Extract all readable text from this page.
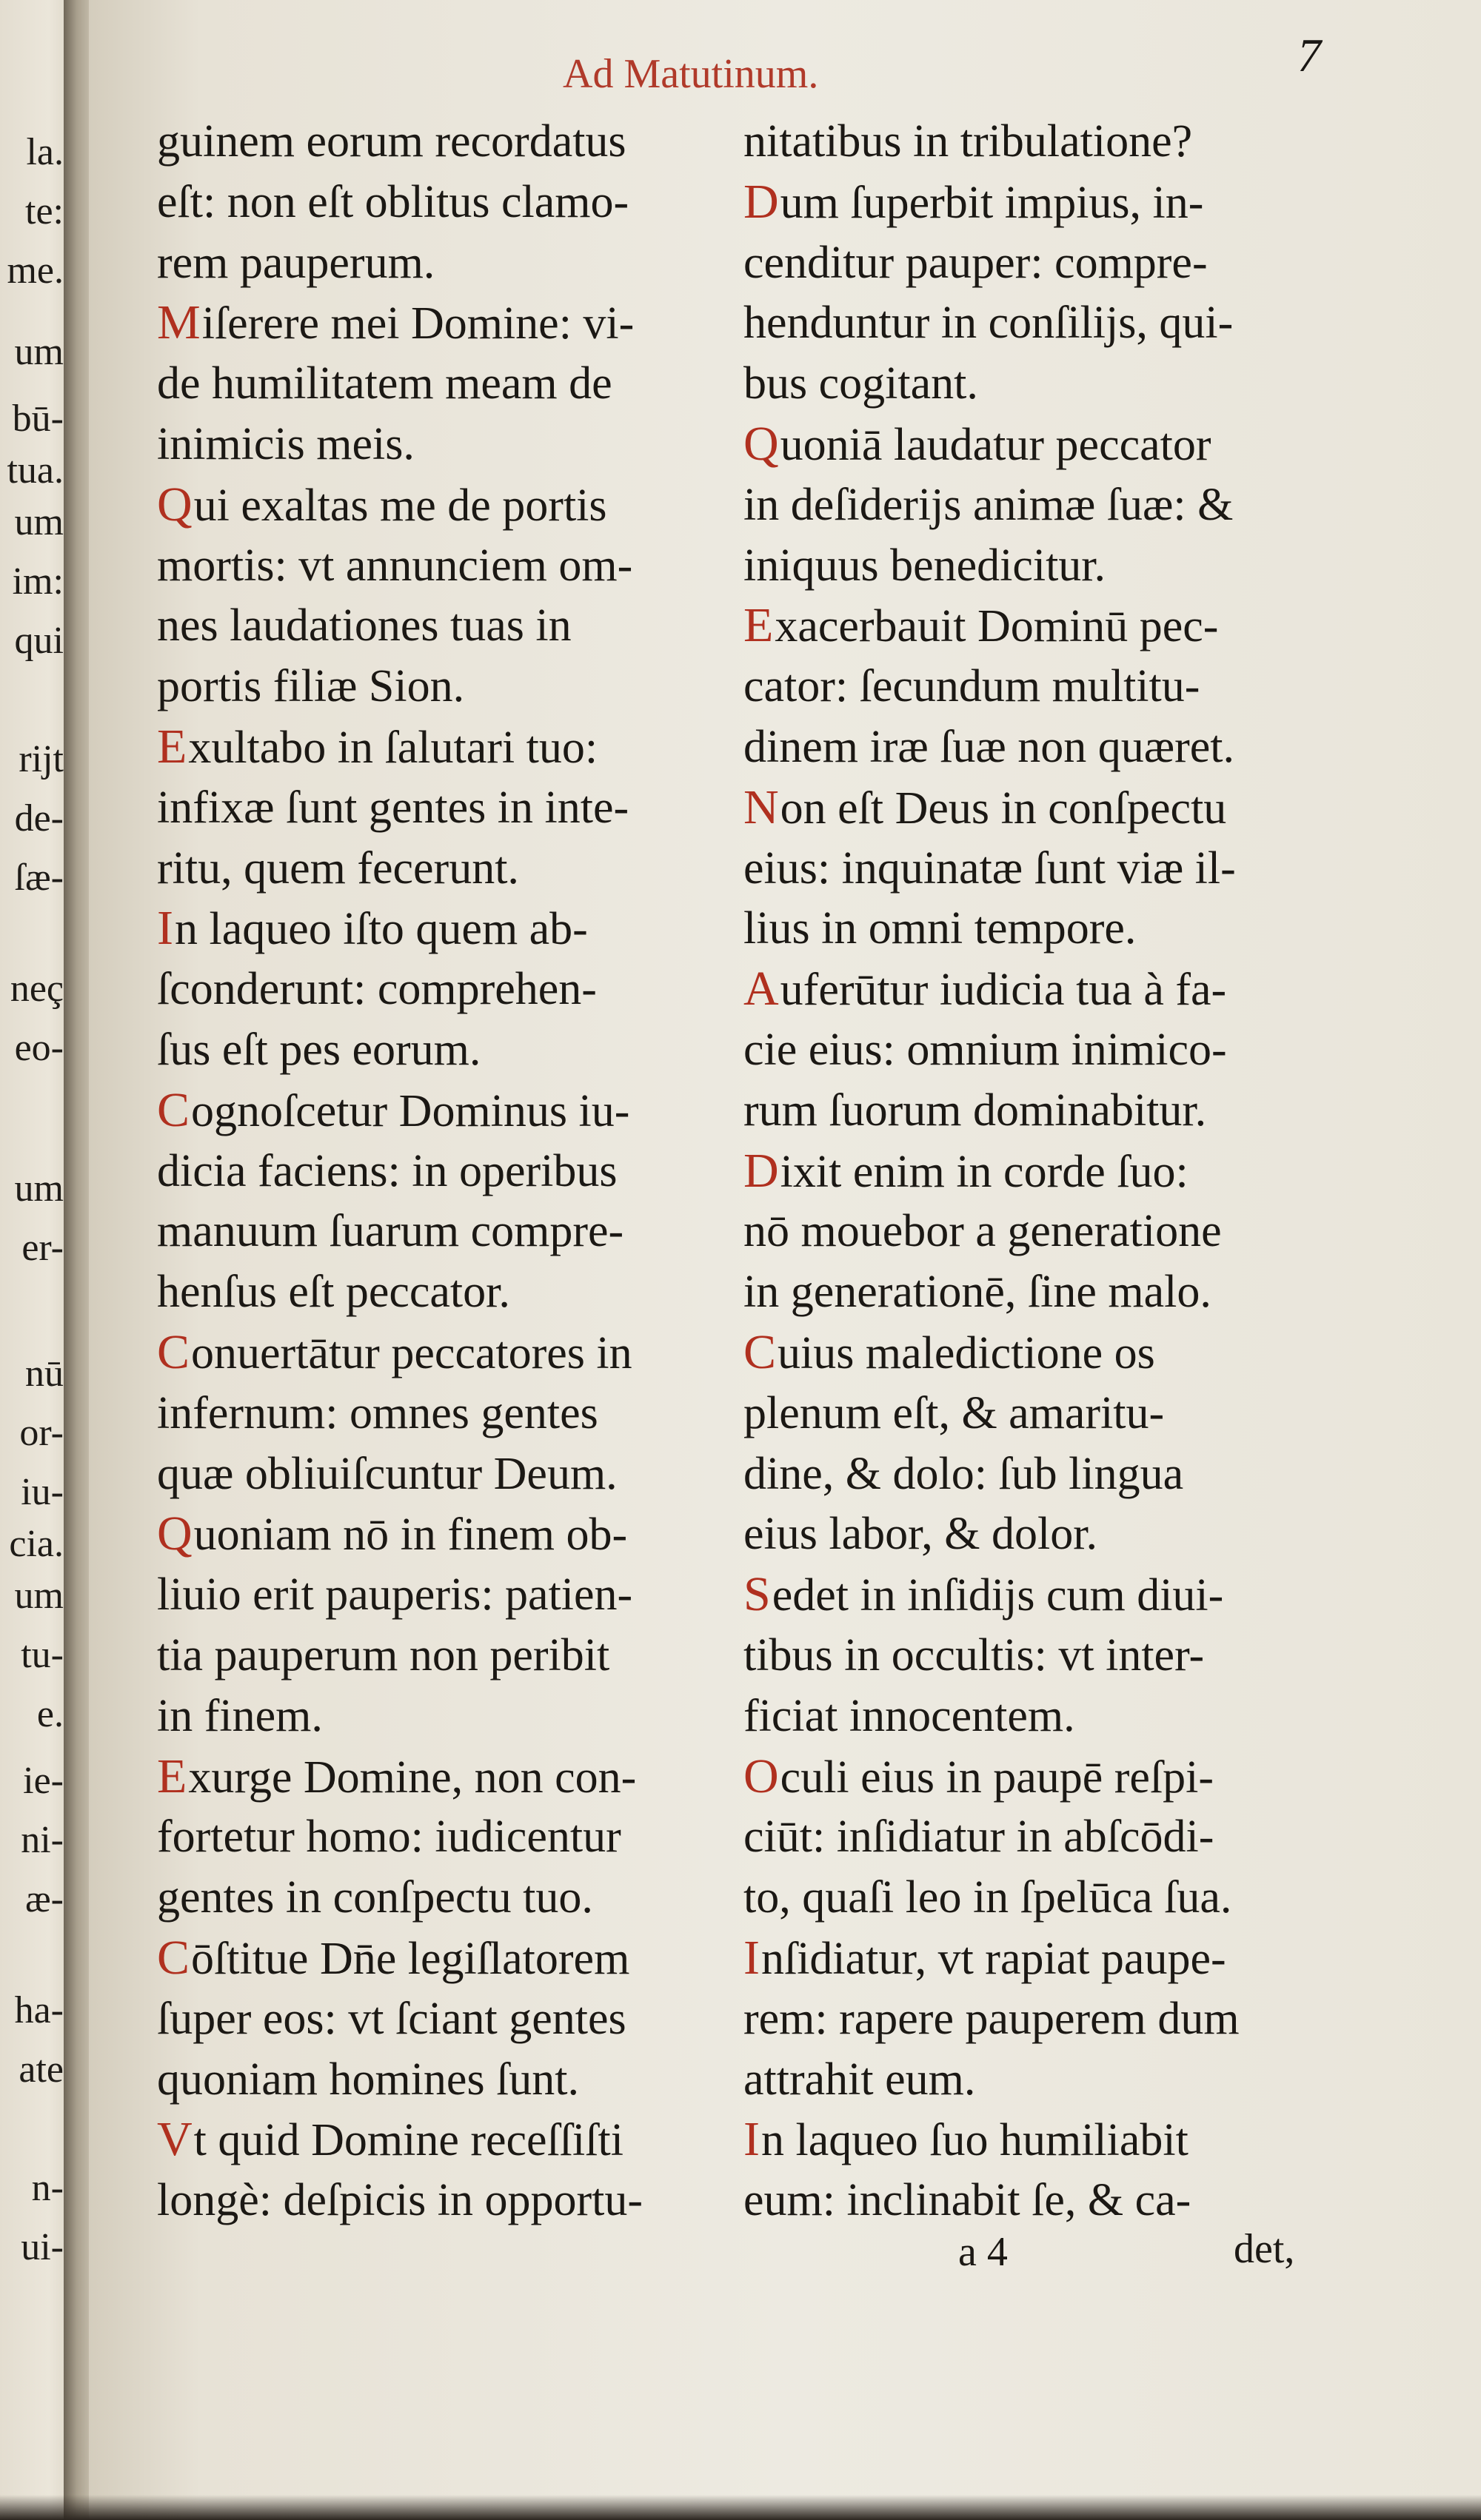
la.
te:
me.
um
bū-
tua.
um
im:
qui
rijt
de-
ſæ-
neç
eo-
um
er-
nū
or-
iu-
cia.
um
tu-
e.
ie-
ni-
æ-
ha-
ate
n-
ui-
Ad Matutinum.	7
guinem eorum recordatus
eſt: non eſt oblitus clamo-
rem pauperum.
Miſerere mei Domine: vi-
de humilitatem meam de
inimicis meis.
Qui exaltas me de portis
mortis: vt annunciem om-
nes laudationes tuas in
portis filiæ Sion.
Exultabo in ſalutari tuo:
infixæ ſunt gentes in inte-
ritu, quem fecerunt.
In laqueo iſto quem ab-
ſconderunt: comprehen-
ſus eſt pes eorum.
Cognoſcetur Dominus iu-
dicia faciens: in operibus
manuum ſuarum compre-
henſus eſt peccator.
Conuertātur peccatores in
infernum: omnes gentes
quæ obliuiſcuntur Deum.
Quoniam nō in finem ob-
liuio erit pauperis: patien-
tia pauperum non peribit
in finem.
Exurge Domine, non con-
fortetur homo: iudicentur
gentes in conſpectu tuo.
Cōſtitue Dn̄e legiſlatorem
ſuper eos: vt ſciant gentes
quoniam homines ſunt.
Vt quid Domine receſſiſti
longè: deſpicis in opportu-
nitatibus in tribulatione?
Dum ſuperbit impius, in-
cenditur pauper: compre-
henduntur in conſilijs, qui-
bus cogitant.
Quoniā laudatur peccator
in deſiderijs animæ ſuæ: &
iniquus benedicitur.
Exacerbauit Dominū pec-
cator: ſecundum multitu-
dinem iræ ſuæ non quæret.
Non eſt Deus in conſpectu
eius: inquinatæ ſunt viæ il-
lius in omni tempore.
Auferūtur iudicia tua à fa-
cie eius: omnium inimico-
rum ſuorum dominabitur.
Dixit enim in corde ſuo:
nō mouebor a generatione
in generationē, ſine malo.
Cuius maledictione os
plenum eſt, & amaritu-
dine, & dolo: ſub lingua
eius labor, & dolor.
Sedet in inſidijs cum diui-
tibus in occultis: vt inter-
ficiat innocentem.
Oculi eius in paupē reſpi-
ciūt: inſidiatur in abſcōdi-
to, quaſi leo in ſpelūca ſua.
Inſidiatur, vt rapiat paupe-
rem: rapere pauperem dum
attrahit eum.
In laqueo ſuo humiliabit
eum: inclinabit ſe, & ca-
a 4	det,
